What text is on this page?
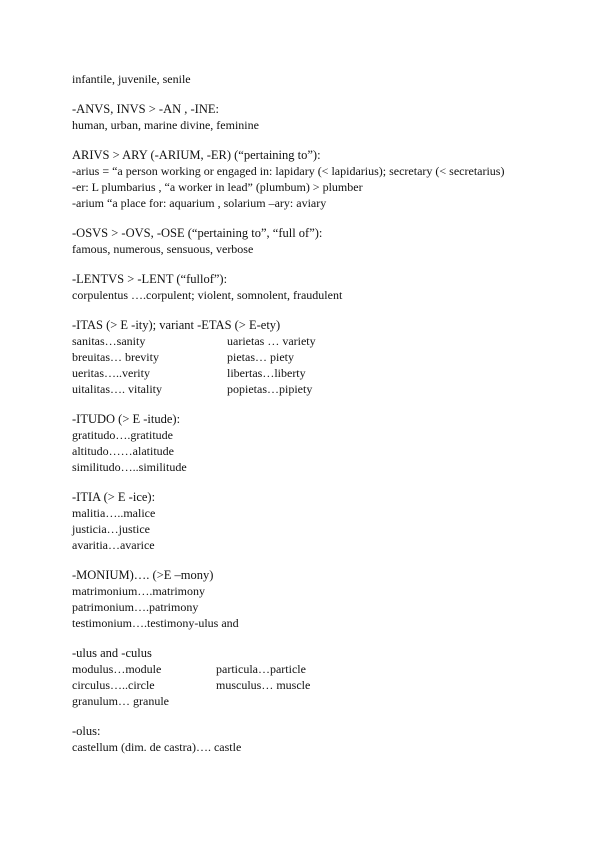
infantile, juvenile, senile
-ANVS, INVS > -AN , -INE:
human, urban, marine divine, feminine
ARIVS > ARY (-ARIUM, -ER) (“pertaining to”):
-arius = “a person working or engaged in: lapidary (< lapidarius); secretary (< secretarius)
-er: L plumbarius , “a worker in lead” (plumbum) > plumber
-arium “a place for: aquarium , solarium –ary: aviary
-OSVS > -OVS, -OSE (“pertaining to”, “full of”):
famous, numerous, sensuous, verbose
-LENTVS > -LENT (“fullof”):
corpulentus ….corpulent; violent, somnolent, fraudulent
-ITAS (> E -ity); variant -ETAS (> E-ety)
sanitas…sanity	uarietas … variety
breuitas… brevity	pietas… piety
ueritas…..verity	libertas…liberty
uitalitas…. vitality	popietas…pipiety
-ITUDO (> E -itude):
gratitudo….gratitude
altitudo……alatitude
similitudo…..similitude
-ITIA (> E -ice):
malitia…..malice
justicia…justice
avaritia…avarice
-MONIUM)…. (>E –mony)
matrimonium….matrimony
patrimonium….patrimony
testimonium….testimony-ulus and
-ulus and -culus
modulus…module	particula…particle
circulus…..circle	musculus… muscle
granulum… granule
-olus:
castellum (dim. de castra)…. castle
